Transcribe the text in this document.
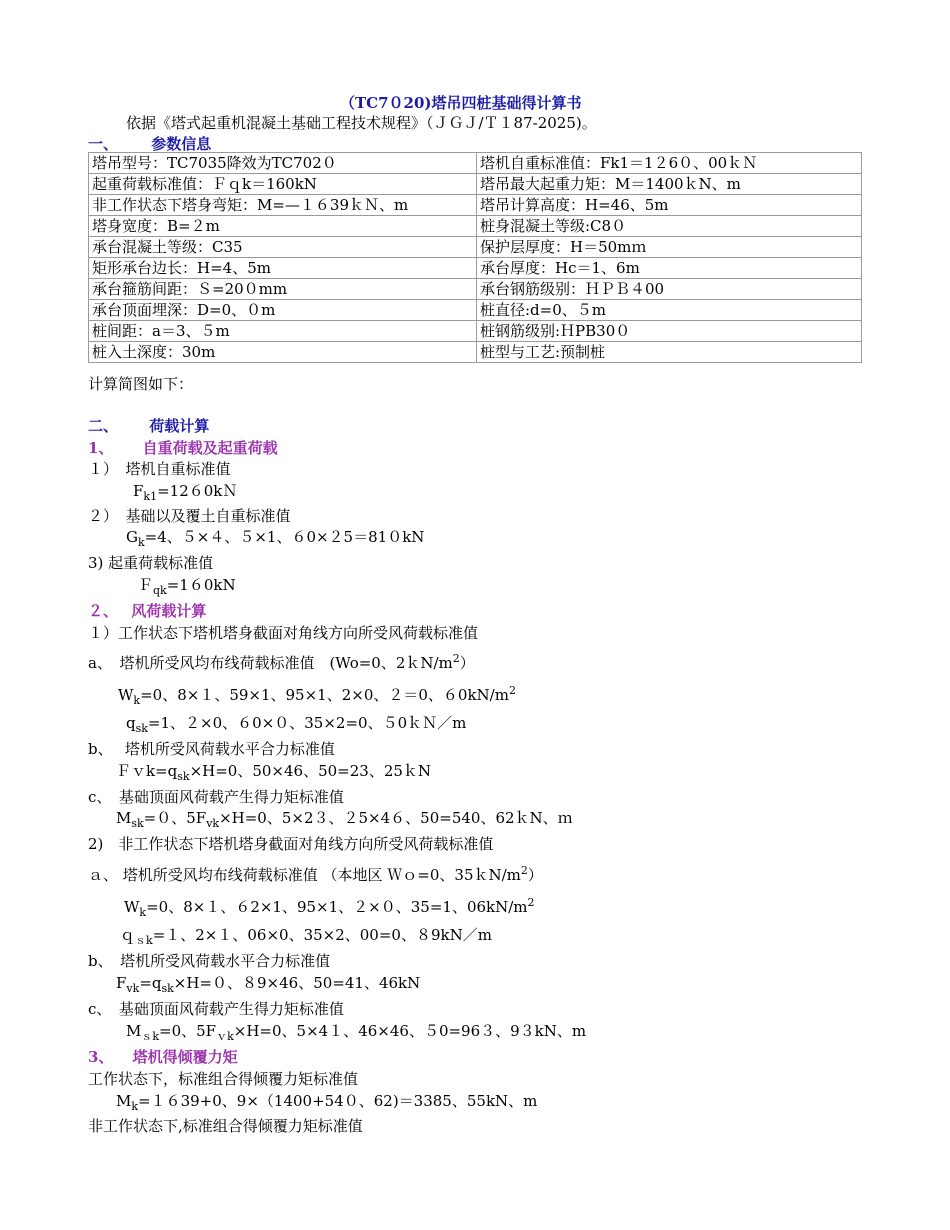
（TC7０20)塔吊四桩基础得计算书
依据《塔式起重机混凝土基础工程技术规程》（ＪＧＪ/Ｔ１87-2025)。
一、 参数信息
塔吊型号：TC7035降效为TC702０	塔机自重标准值：Fk1＝1２6０、00ｋＮ
起重荷载标准值：Ｆｑk＝160kN	塔吊最大起重力矩：M＝1400ｋN、m
非工作状态下塔身弯矩：M=—１６39ｋＮ、m	塔吊计算高度：H=46、5m
塔身宽度：B=２m	桩身混凝土等级:C8０
承台混凝土等级：C35	保护层厚度：H＝50mｍ
矩形承台边长：H=4、5m	承台厚度：Hc＝1、6m
承台箍筋间距：Ｓ=20０mm	承台钢筋级别：ＨＰＢ４00
承台顶面埋深：D=0、０m	桩直径:d=0、５m
桩间距：a＝3、５m	桩钢筋级别:ＨPB30０
桩入土深度：30m	桩型与工艺:预制桩
计算简图如下：
二、 荷载计算
1、 自重荷载及起重荷载
１）　塔机自重标准值
$F_{k1}=1260kN$
２）　基础以及覆土自重标准值
$G_k=4$、５×４、５×1、６0×２5＝81０kN
3) 起重荷载标准值
Ｆ$_{qk}$=1６0kN
２、 风荷载计算
１）工作状态下塔机塔身截面对角线方向所受风荷载标准值
a、　塔机所受风均布线荷载标准值　(Wo=0、$2kN/m^2$）
$W_k=0$、8×１、59×1、95×1、2×0、２＝0、$60kN/m^2$
$q_{sk}=1$、２×0、６0×０、35×2=0、５0ｋＮ／m
b、　 塔机所受风荷载水平合力标准值
$Fvk=q_{sk}\times H=0$、50×46、50=23、25ｋN
c、　基础顶面风荷载产生得力矩标准值
$M_{sk}=0$、$5F_{vk}\times H=0$、5×2３、２5×4６、50=540、62ｋN、ｍ
2)　非工作状态下塔机塔身截面对角线方向所受风荷载标准值
ａ、 塔机所受风均布线荷载标准值 （本地区 Ｗｏ=0、$35kN/m^2$）
$W_k=0$、8×１、６2×1、95×1、２×０、35=1、$06kN/m^2$
ｑ$_{sk}$=１、2×１、06×0、35×2、00=0、８9kN／m
b、　塔机所受风荷载水平合力标准值
$F_{vk}=q_{sk}\times H=0$、８9×46、50=41、46kN
c、　基础顶面风荷载产生得力矩标准值
$M_{sk}=0$、$5F_{vk}\times H=0$、5×4１、46×46、５0=96３、9３kN、m
3、 塔机得倾覆力矩
工作状态下，标准组合得倾覆力矩标准值
$M_k=1639+0$、9×（1400+54０、62)＝3385、55kN、m
非工作状态下,标准组合得倾覆力矩标准值
